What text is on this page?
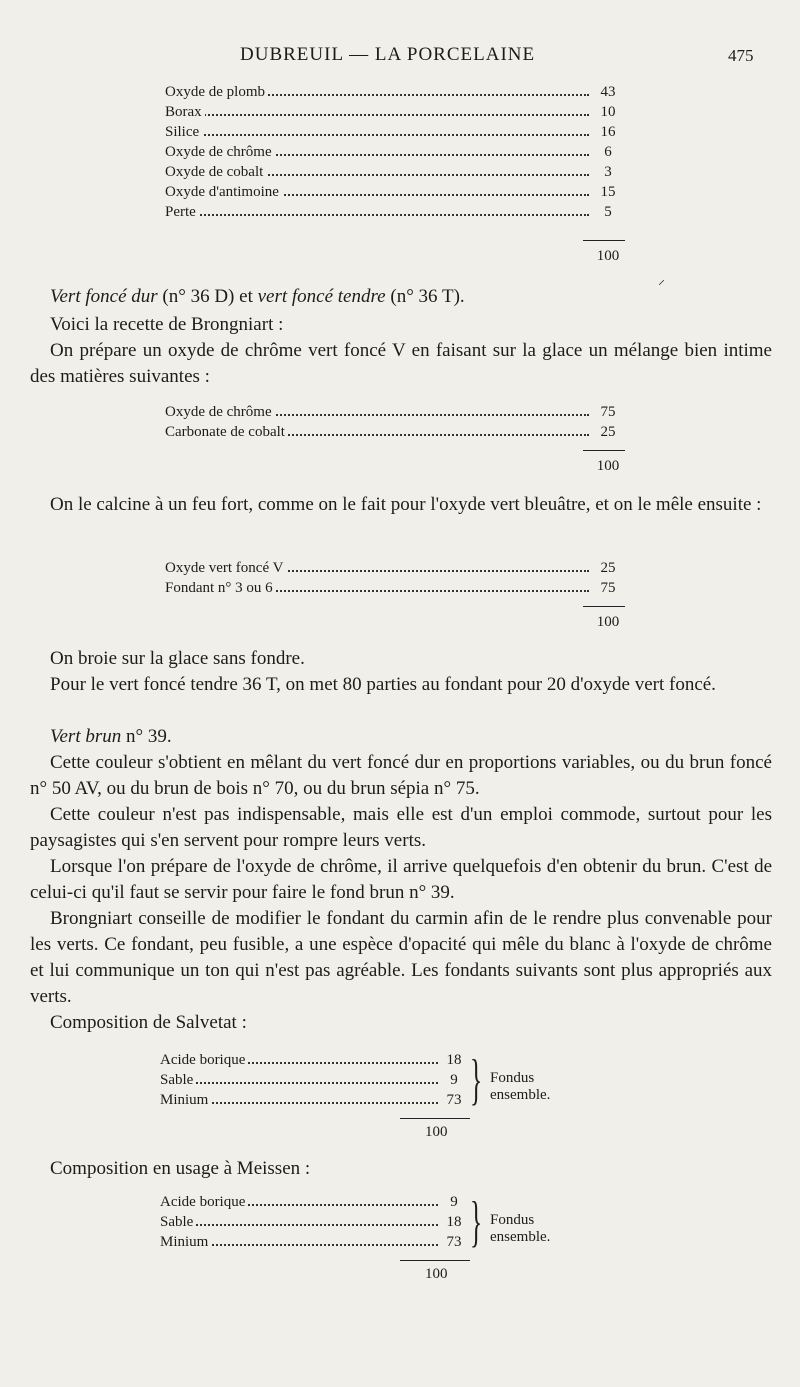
DUBREUIL — LA PORCELAINE	475
Oxyde de plomb	43
Borax	10
Silice	16
Oxyde de chrôme	6
Oxyde de cobalt	3
Oxyde d'antimoine	15
Perte	5
100
⸝
Vert foncé dur (n° 36 D) et vert foncé tendre (n° 36 T).
Voici la recette de Brongniart :
On prépare un oxyde de chrôme vert foncé V en faisant sur la glace un mélange bien intime des matières suivantes :
Oxyde de chrôme	75
Carbonate de cobalt	25
100
On le calcine à un feu fort, comme on le fait pour l'oxyde vert bleuâtre, et on le mêle ensuite :
Oxyde vert foncé V	25
Fondant n° 3 ou 6	75
100
On broie sur la glace sans fondre.
Pour le vert foncé tendre 36 T, on met 80 parties au fondant pour 20 d'oxyde vert foncé.
Vert brun n° 39.
Cette couleur s'obtient en mêlant du vert foncé dur en proportions variables, ou du brun foncé n° 50 AV, ou du brun de bois n° 70, ou du brun sépia n° 75.
Cette couleur n'est pas indispensable, mais elle est d'un emploi commode, surtout pour les paysagistes qui s'en servent pour rompre leurs verts.
Lorsque l'on prépare de l'oxyde de chrôme, il arrive quelquefois d'en obtenir du brun. C'est de celui-ci qu'il faut se servir pour faire le fond brun n° 39.
Brongniart conseille de modifier le fondant du carmin afin de le rendre plus convenable pour les verts. Ce fondant, peu fusible, a une espèce d'opacité qui mêle du blanc à l'oxyde de chrôme et lui communique un ton qui n'est pas agréable. Les fondants suivants sont plus appropriés aux verts.
Composition de Salvetat :
Acide borique	18
Sable	9
Minium	73 } Fondus ensemble.
100
Composition en usage à Meissen :
Acide borique	9
Sable	18
Minium	73 } Fondus ensemble.
100
